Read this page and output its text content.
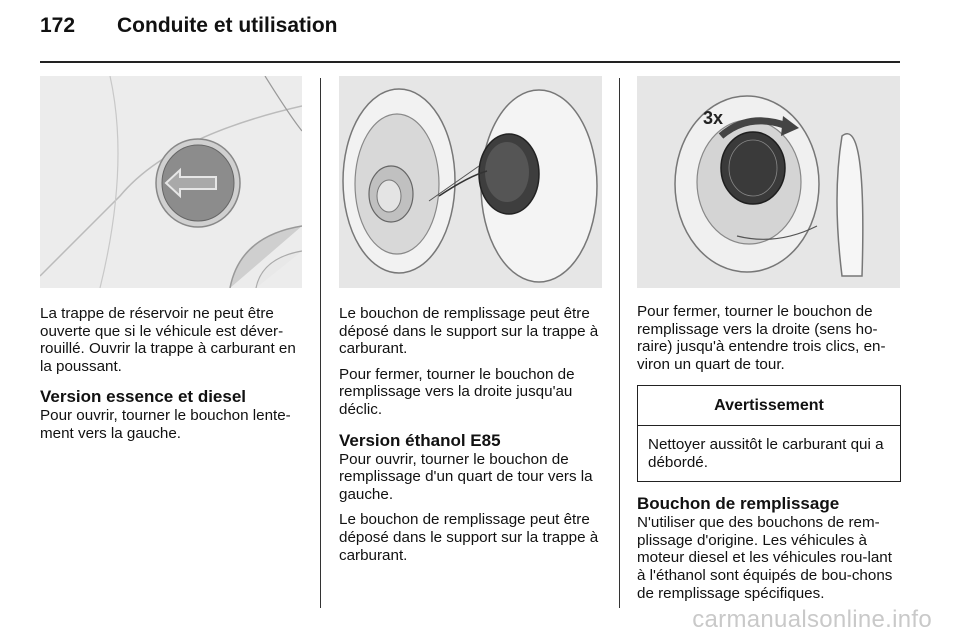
172	Conduite et utilisation
3x

La trappe de réservoir ne peut être ouverte que si le véhicule est déver-rouillé. Ouvrir la trappe à carburant en la poussant.

Version essence et diesel

Pour ouvrir, tourner le bouchon lente-ment vers la gauche.

Le bouchon de remplissage peut être déposé dans le support sur la trappe à carburant.

Pour fermer, tourner le bouchon de remplissage vers la droite jusqu'au déclic.

Version éthanol E85

Pour ouvrir, tourner le bouchon de remplissage d'un quart de tour vers la gauche.

Le bouchon de remplissage peut être déposé dans le support sur la trappe à carburant.

Pour fermer, tourner le bouchon de remplissage vers la droite (sens ho-raire) jusqu'à entendre trois clics, en-viron un quart de tour.

Avertissement
Nettoyer aussitôt le carburant qui a débordé.
Bouchon de remplissage

N'utiliser que des bouchons de rem-plissage d'origine. Les véhicules à moteur diesel et les véhicules rou-lant à l'éthanol sont équipés de bou-chons de remplissage spécifiques.

carmanualsonline.info
